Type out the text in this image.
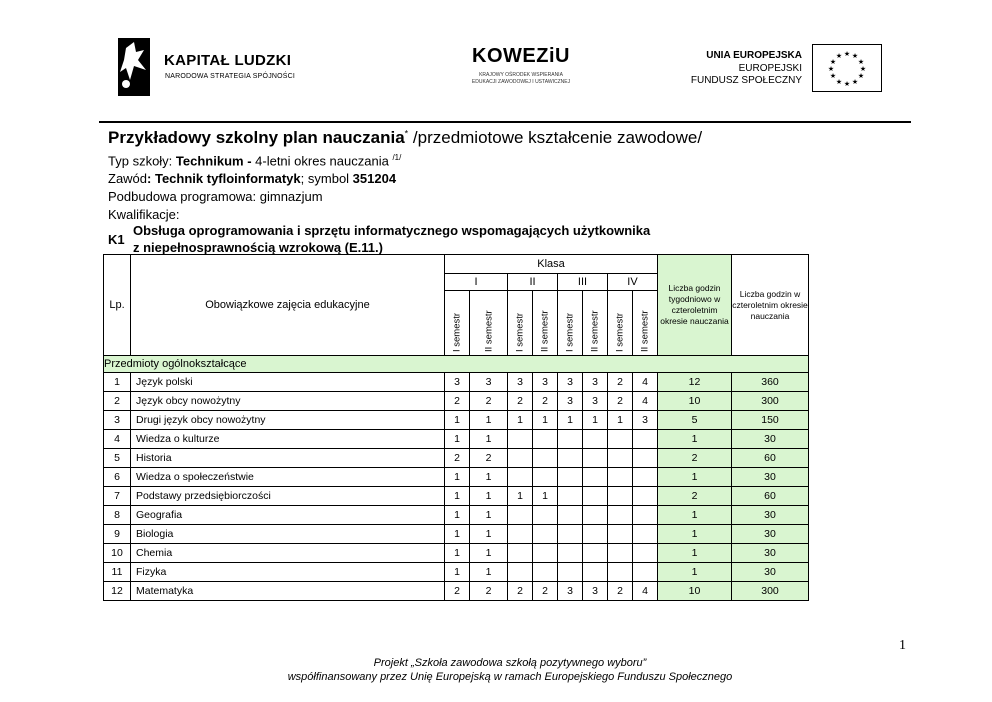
KAPITAŁ LUDZKI
NARODOWA STRATEGIA SPÓJNOŚCI
KOWEZiU
KRAJOWY OŚRODEK WSPIERANIA
EDUKACJI ZAWODOWEJ I USTAWICZNEJ
UNIA EUROPEJSKA
EUROPEJSKI
FUNDUSZ SPOŁECZNY
★ ★
★
★
★
★
★
★
★
★
★
★
Przykładowy szkolny plan nauczania* /przedmiotowe kształcenie zawodowe/
Typ szkoły: Technikum - 4-letni okres nauczania $^{/1/}$
Zawód: Technik tyfloinformatyk; symbol 351204
Podbudowa programowa: gimnazjum
Kwalifikacje:
K1
Obsługa oprogramowania i sprzętu informatycznego wspomagających użytkownika
z niepełnosprawnością wzrokową (E.11.)
Lp.	Obowiązkowe zajęcia edukacyjne	Klasa								Liczba godzin tygodniowo w czteroletnim okresie nauczania	Liczba godzin w czteroletnim okresie nauczania
		I		II		III		IV			

		I semestr	II semestr	I semestr	II semestr	I semestr	II semestr	I semestr	II semestr		

Przedmioty ogólnokształcące											
1	Język polski	3	3	3	3	3	3	2	4	12	360
2	Język obcy nowożytny	2	2	2	2	3	3	2	4	10	300
3	Drugi język obcy nowożytny	1	1	1	1	1	1	1	3	5	150
4	Wiedza o kulturze	1	1							1	30
5	Historia	2	2							2	60
6	Wiedza o społeczeństwie	1	1							1	30
7	Podstawy przedsiębiorczości	1	1	1	1					2	60
8	Geografia	1	1							1	30
9	Biologia	1	1							1	30
10	Chemia	1	1							1	30
11	Fizyka	1	1							1	30
12	Matematyka	2	2	2	2	3	3	2	4	10	300
1
Projekt „Szkoła zawodowa szkołą pozytywnego wyboru”
współfinansowany przez Unię Europejską w ramach Europejskiego Funduszu Społecznego
